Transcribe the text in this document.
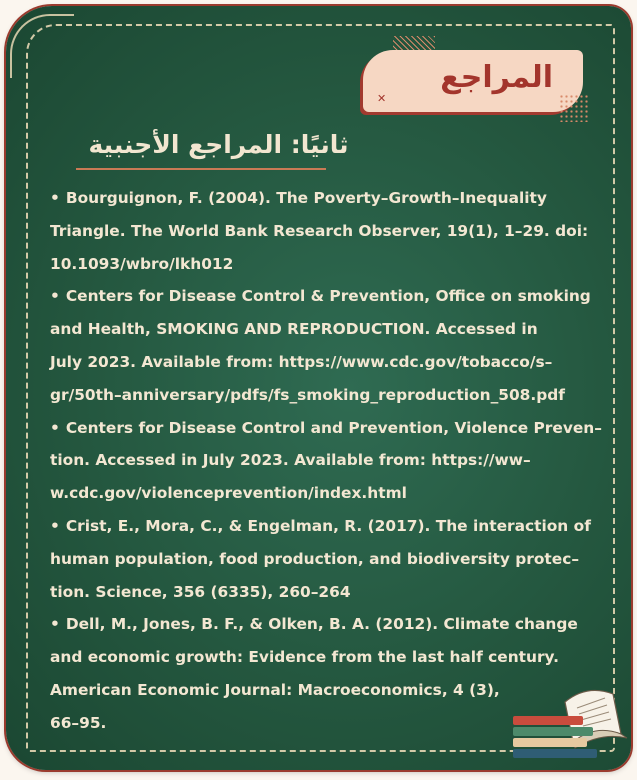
المراجع
✕
ثانيًا: المراجع الأجنبية
• Bourguignon, F. (2004). The Poverty–Growth–Inequality
Triangle. The World Bank Research Observer, 19(1), 1–29. doi:
10.1093/wbro/lkh012
• Centers for Disease Control & Prevention, Office on smoking
and Health, SMOKING AND REPRODUCTION. Accessed in
July 2023. Available from: https://www.cdc.gov/tobacco/s–
gr/50th–anniversary/pdfs/fs_smoking_reproduction_508.pdf
• Centers for Disease Control and Prevention, Violence Preven–
tion. Accessed in July 2023. Available from: https://ww–
w.cdc.gov/violenceprevention/index.html
• Crist, E., Mora, C., & Engelman, R. (2017). The interaction of
human population, food production, and biodiversity protec–
tion. Science, 356 (6335), 260–264
• Dell, M., Jones, B. F., & Olken, B. A. (2012). Climate change
and economic growth: Evidence from the last half century.
American Economic Journal: Macroeconomics, 4 (3),
66–95.
